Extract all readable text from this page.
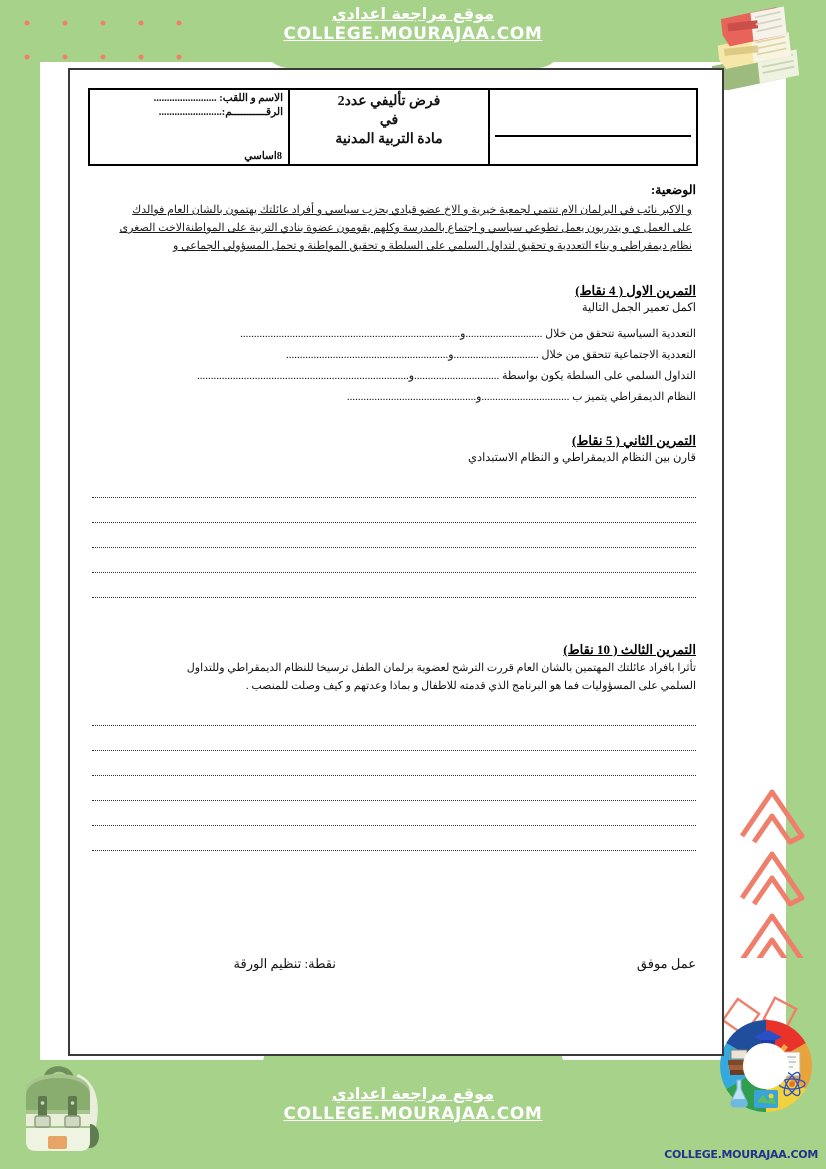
موقع مراجعة اعدادي
COLLEGE.MOURAJAA.COM

فرض تأليفي عدد2
في
مادة التربية المدنية

الاسم و اللقب: ........................
الرقـــــــــــم:........................
8اساسي

الوضعية:

و الاكبر نائب في البرلمان الام تنتمي لجمعية خيرية و الاخ عضو قيادي بحزب سياسي و أفراد عائلتك يهتمون بالشان العام فوالدك
على العمل ي و يتدربون يعمل تطوعي سياسي و اجتماع بالمدرسة وكلهم يقومون عضوة بنادي التربية على المواطنةالاخت الصغرى
نظام ديمقراطي و بناء التعددية و تحقيق لتداول السلمي على السلطة و تحقيق المواطنة و تحمل المسؤولي الجماعي و

التمرين الاول ( 4 نقاط)

اكمل تعمير الجمل التالية

التعددية السياسية تتحقق من خلال ............................و................................................................................

التعددية الاجتماعية تتحقق من خلال ...............................و...........................................................

التداول السلمي على السلطة يكون بواسطة ...............................و.............................................................................

النظام الديمقراطي يتميز ب ................................و...............................................

التمرين الثاني ( 5 نقاط)

قارن بين النظام الديمقراطي و النظام الاستبدادي

التمرين الثالث ( 10 نقاط)

تأثرا بافراد عائلتك المهتمين بالشان العام قررت الترشح لعضوية برلمان الطفل ترسيخا للنظام الديمقراطي وللتداول
السلمي على المسؤوليات فما هو البرنامج الذي قدمته للاطفال و بماذا وعدتهم و كيف وصلت للمنصب .
عمل موفق
نقطة: تنظيم الورقة
موقع مراجعة اعدادي
COLLEGE.MOURAJAA.COM
COLLEGE.MOURAJAA.COM
